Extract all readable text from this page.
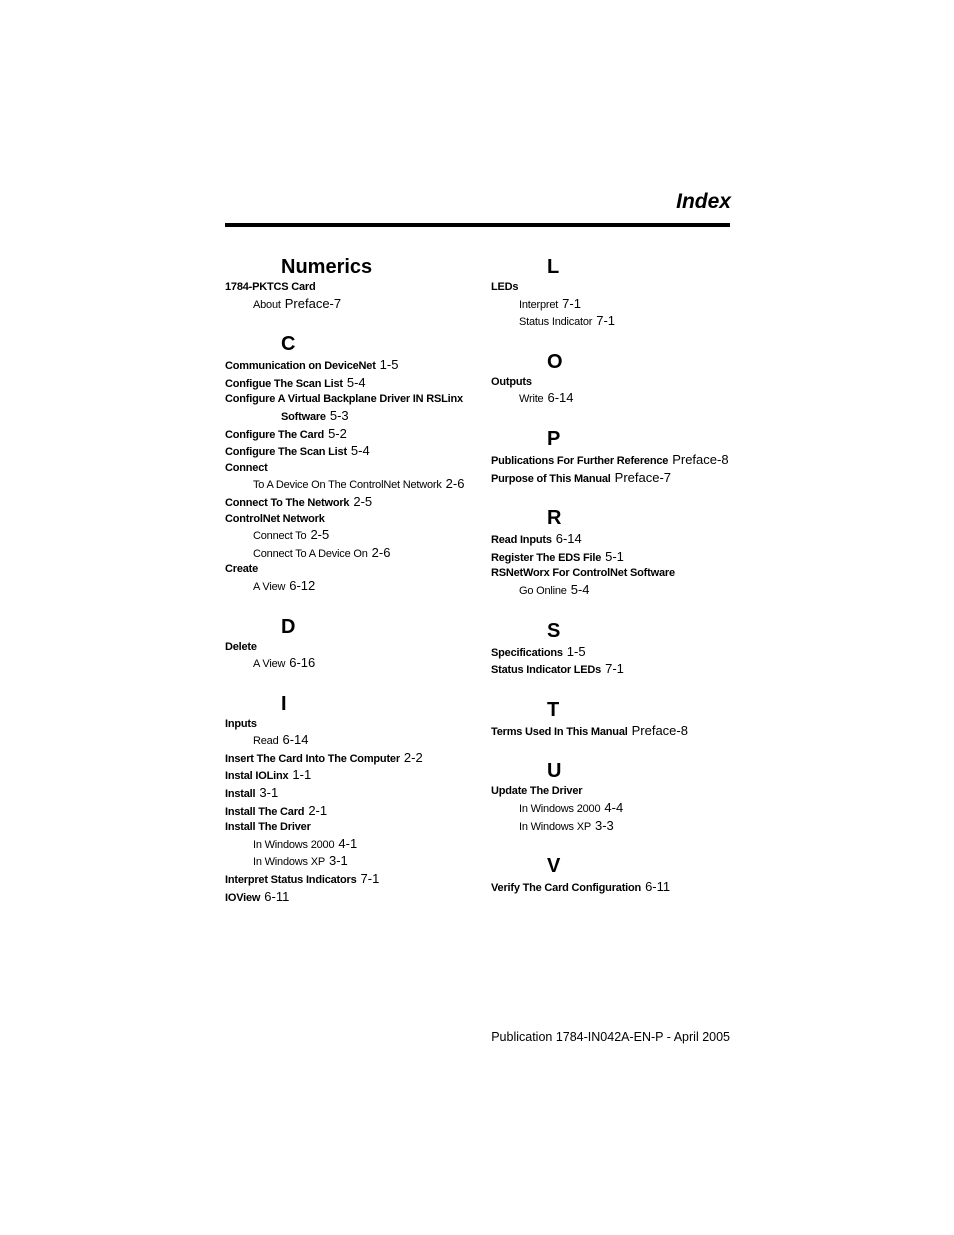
Index
Numerics
1784-PKTCS Card
About Preface-7
C
Communication on DeviceNet 1-5
Configue The Scan List 5-4
Configure A Virtual Backplane Driver IN RSLinx
Software 5-3
Configure The Card 5-2
Configure The Scan List 5-4
Connect
To A Device On The ControlNet Network 2-6
Connect To The Network 2-5
ControlNet Network
Connect To 2-5
Connect To A Device On 2-6
Create
A View 6-12
D
Delete
A View 6-16
I
Inputs
Read 6-14
Insert The Card Into The Computer 2-2
Instal IOLinx 1-1
Install 3-1
Install The Card 2-1
Install The Driver
In Windows 2000 4-1
In Windows XP 3-1
Interpret Status Indicators 7-1
IOView 6-11
L
LEDs
Interpret 7-1
Status Indicator 7-1
O
Outputs
Write 6-14
P
Publications For Further Reference Preface-8
Purpose of This Manual Preface-7
R
Read Inputs 6-14
Register The EDS File 5-1
RSNetWorx For ControlNet Software
Go Online 5-4
S
Specifications 1-5
Status Indicator LEDs 7-1
T
Terms Used In This Manual Preface-8
U
Update The Driver
In Windows 2000 4-4
In Windows XP 3-3
V
Verify The Card Configuration 6-11
Publication 1784-IN042A-EN-P - April 2005
